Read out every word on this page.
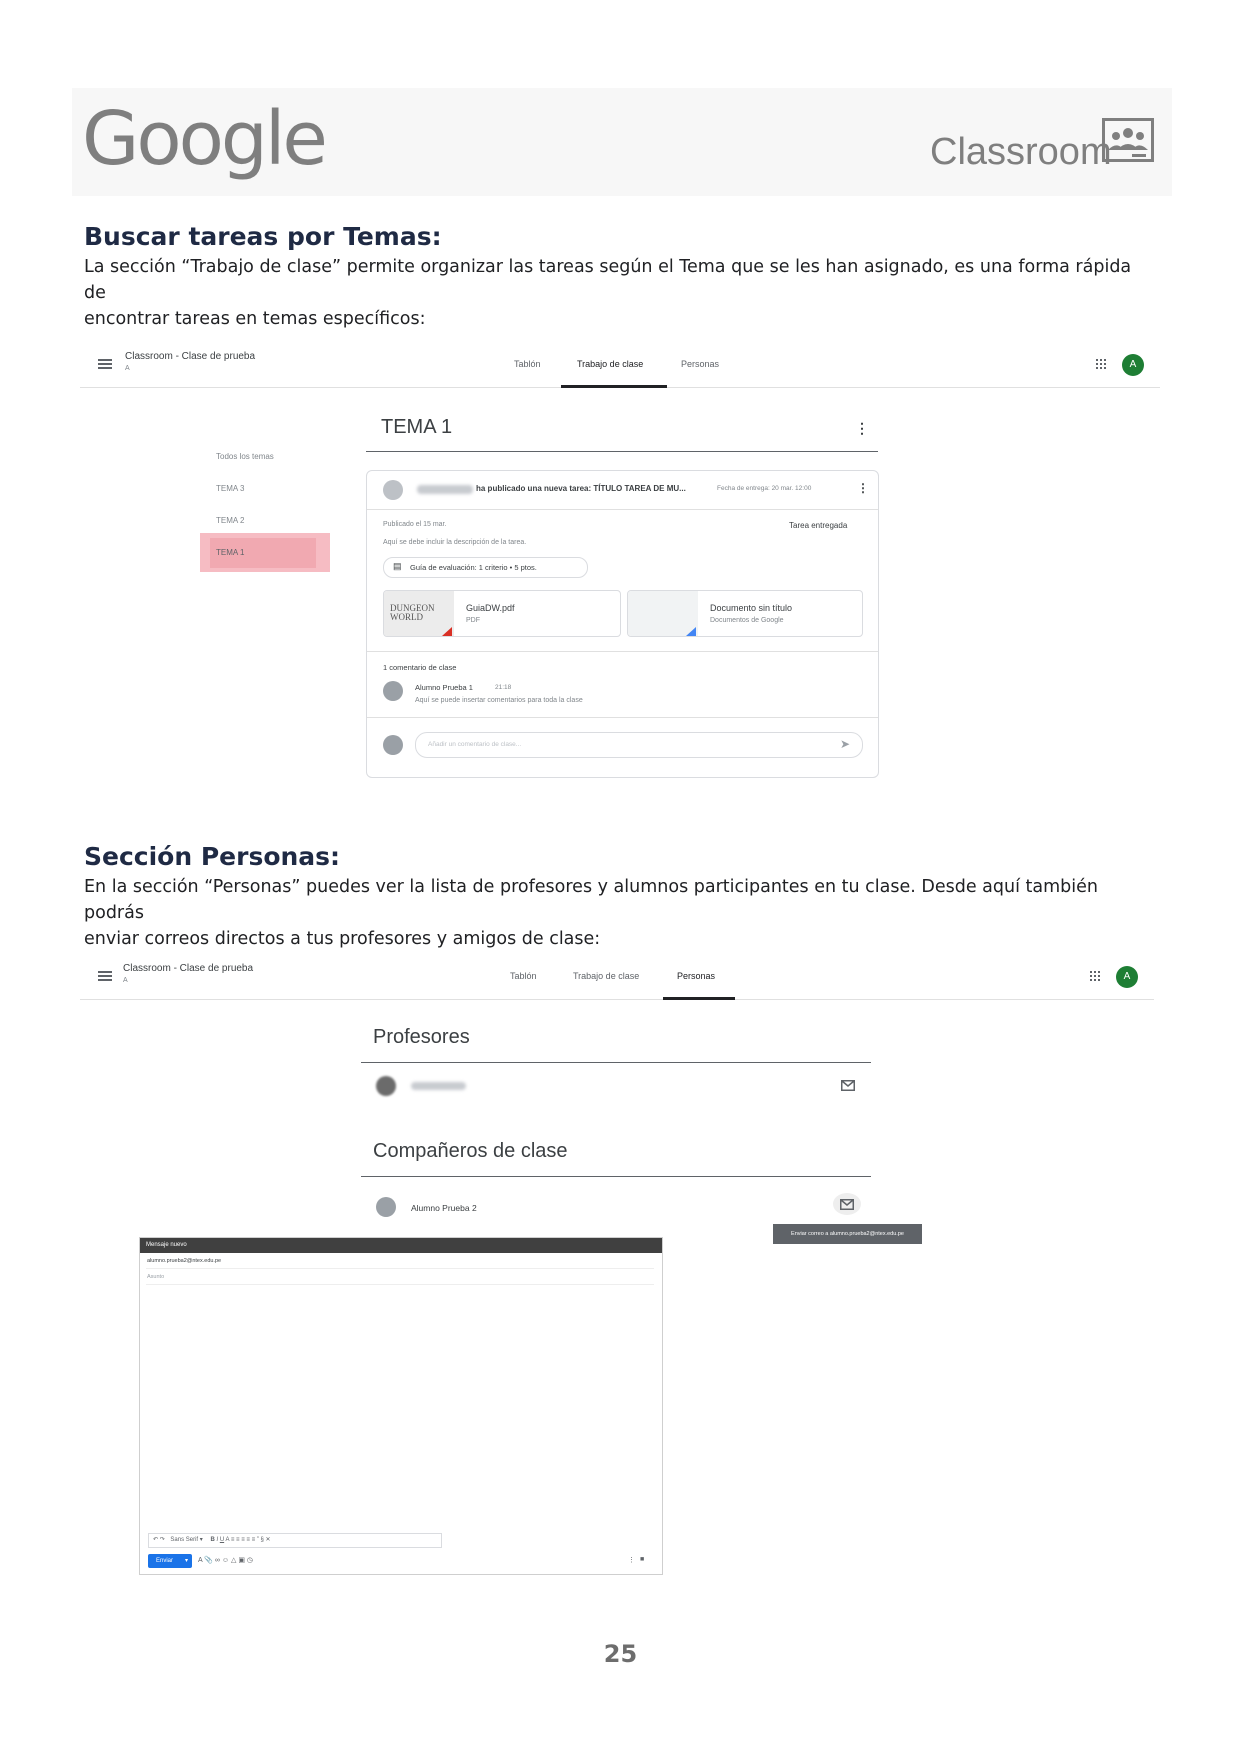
Google	Classroom
Buscar tareas por Temas:
La sección “Trabajo de clase” permite organizar las tareas según el Tema que se les han asignado, es una forma rápida de
encontrar tareas en temas específicos:
Classroom - Clase de prueba
A	Tablón	Trabajo de clase	Personas	A
Todos los temas
TEMA 3
TEMA 2
TEMA 1
TEMA 1	⋮
ha publicado una nueva tarea: TÍTULO TAREA DE MU...	Fecha de entrega: 20 mar. 12:00	⋮
Publicado el 15 mar.	Tarea entregada
Aquí se debe incluir la descripción de la tarea.
▤ Guía de evaluación: 1 criterio • 5 ptos.
DUNGEON WORLD
GuiaDW.pdf
PDF
Documento sin título
Documentos de Google
1 comentario de clase
Alumno Prueba 1	21:18
Aquí se puede insertar comentarios para toda la clase
Añadir un comentario de clase...	➤
Sección Personas:
En la sección “Personas” puedes ver la lista de profesores y alumnos participantes en tu clase. Desde aquí también podrás
enviar correos directos a tus profesores y amigos de clase:
Classroom - Clase de prueba
A	Tablón	Trabajo de clase	Personas	A
Profesores
Compañeros de clase
Alumno Prueba 2
Enviar correo a alumno.prueba2@ntex.edu.pe
Mensaje nuevo
alumno.prueba2@ntex.edu.pe
Asunto
↶ ↷ Sans Serif ▾ B I U A ≡ ≡ ≡ ≡ ≡ ” § ✕
Enviar ▾ A 📎 ∞ ☺ △ ▣ ◷	⋮ ■
25
